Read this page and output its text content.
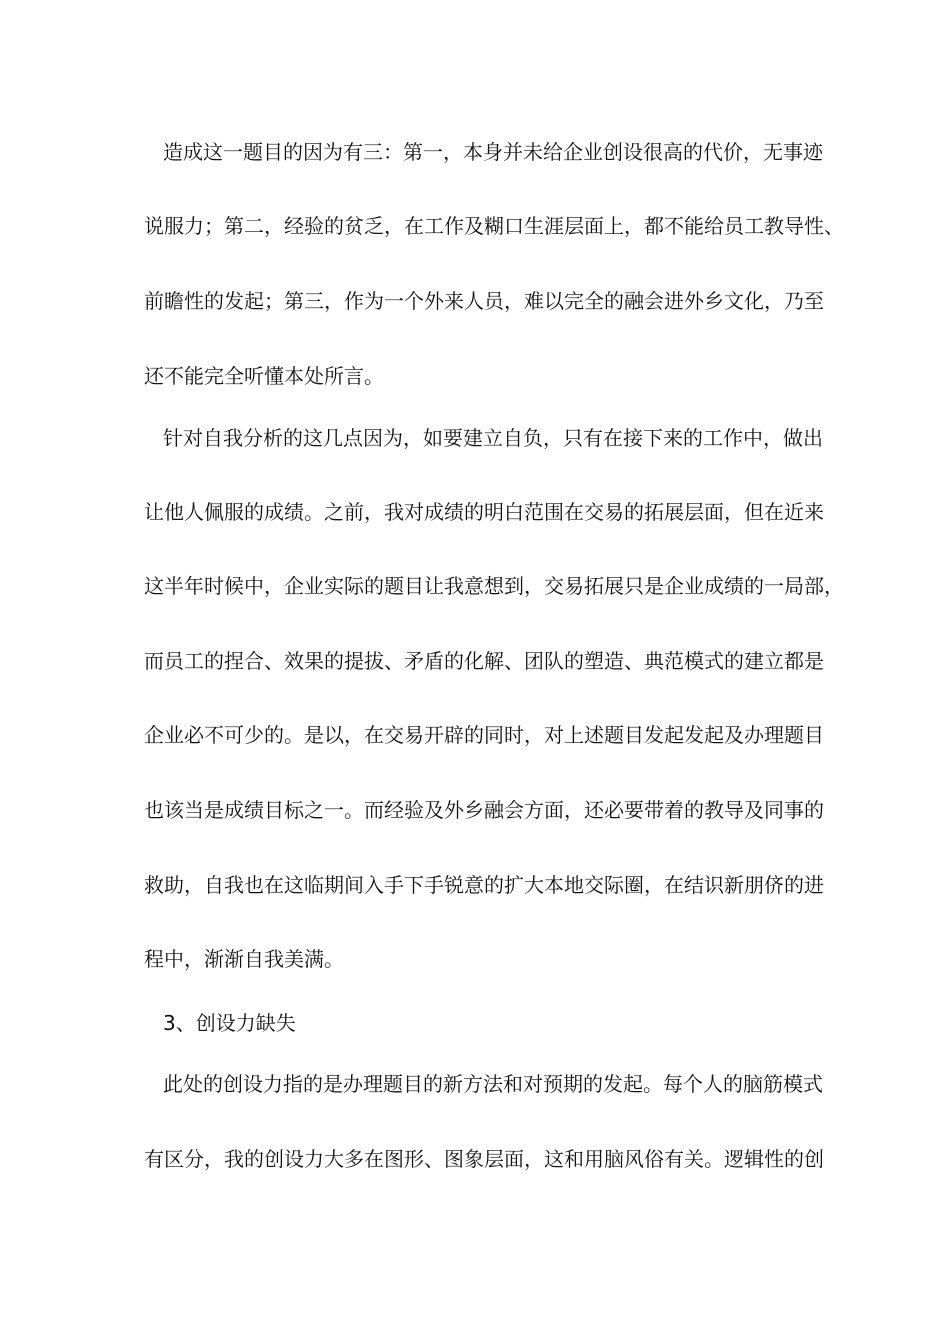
造成这一题目的因为有三：第一，本身并未给企业创设很高的代价，无事迹
说服力；第二，经验的贫乏，在工作及糊口生涯层面上，都不能给员工教导性、
前瞻性的发起；第三，作为一个外来人员，难以完全的融会进外乡文化，乃至
还不能完全听懂本处所言。
针对自我分析的这几点因为，如要建立自负，只有在接下来的工作中，做出
让他人佩服的成绩。之前，我对成绩的明白范围在交易的拓展层面，但在近来
这半年时候中，企业实际的题目让我意想到，交易拓展只是企业成绩的一局部，
而员工的捏合、效果的提拔、矛盾的化解、团队的塑造、典范模式的建立都是
企业必不可少的。是以，在交易开辟的同时，对上述题目发起发起及办理题目
也该当是成绩目标之一。而经验及外乡融会方面，还必要带着的教导及同事的
救助，自我也在这临期间入手下手锐意的扩大本地交际圈，在结识新朋侪的进
程中，渐渐自我美满。
3、创设力缺失
此处的创设力指的是办理题目的新方法和对预期的发起。每个人的脑筋模式
有区分，我的创设力大多在图形、图象层面，这和用脑风俗有关。逻辑性的创
